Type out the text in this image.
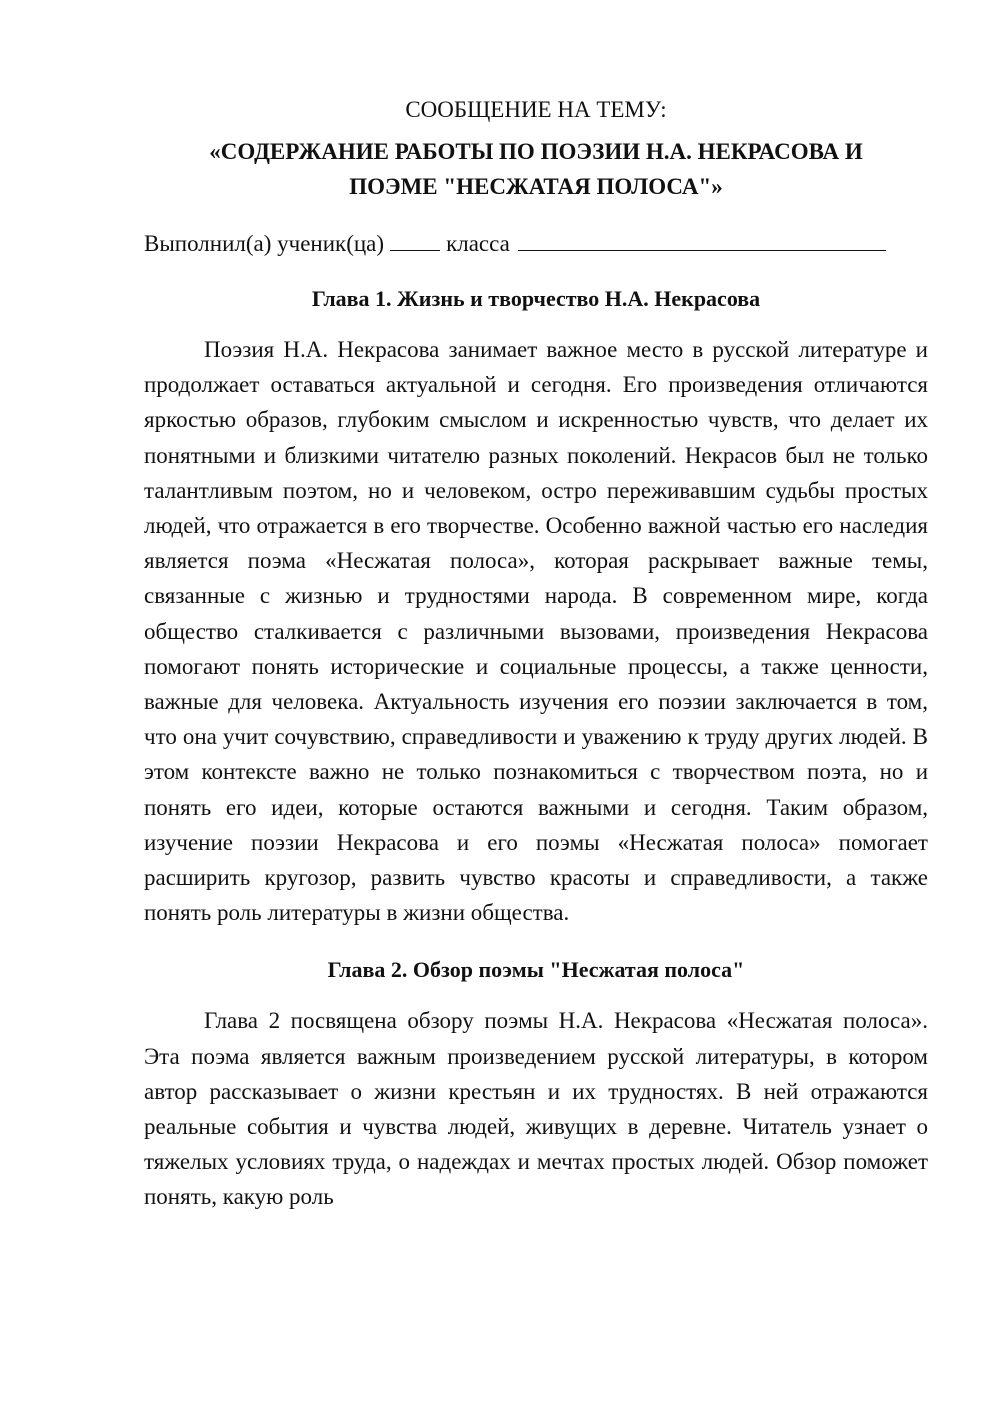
СООБЩЕНИЕ НА ТЕМУ:

«СОДЕРЖАНИЕ РАБОТЫ ПО ПОЭЗИИ Н.А. НЕКРАСОВА И

ПОЭМЕ "НЕСЖАТАЯ ПОЛОСА"»

Выполнил(а) ученик(ца)	класса

Глава 1. Жизнь и творчество Н.А. Некрасова

Поэзия Н.А. Некрасова занимает важное место в русской литературе и продолжает оставаться актуальной и сегодня. Его произведения отличаются яркостью образов, глубоким смыслом и искренностью чувств, что делает их понятными и близкими читателю разных поколений. Некрасов был не только талантливым поэтом, но и человеком, остро переживавшим судьбы простых людей, что отражается в его творчестве. Особенно важной частью его наследия является поэма «Несжатая полоса», которая раскрывает важные темы, связанные с жизнью и трудностями народа. В современном мире, когда общество сталкивается с различными вызовами, произведения Некрасова помогают понять исторические и социальные процессы, а также ценности, важные для человека. Актуальность изучения его поэзии заключается в том, что она учит сочувствию, справедливости и уважению к труду других людей. В этом контексте важно не только познакомиться с творчеством поэта, но и понять его идеи, которые остаются важными и сегодня. Таким образом, изучение поэзии Некрасова и его поэмы «Несжатая полоса» помогает расширить кругозор, развить чувство красоты и справедливости, а также понять роль литературы в жизни общества.

Глава 2. Обзор поэмы "Несжатая полоса"

Глава 2 посвящена обзору поэмы Н.А. Некрасова «Несжатая полоса». Эта поэма является важным произведением русской литературы, в котором автор рассказывает о жизни крестьян и их трудностях. В ней отражаются реальные события и чувства людей, живущих в деревне. Читатель узнает о тяжелых условиях труда, о надеждах и мечтах простых людей. Обзор поможет понять, какую роль
